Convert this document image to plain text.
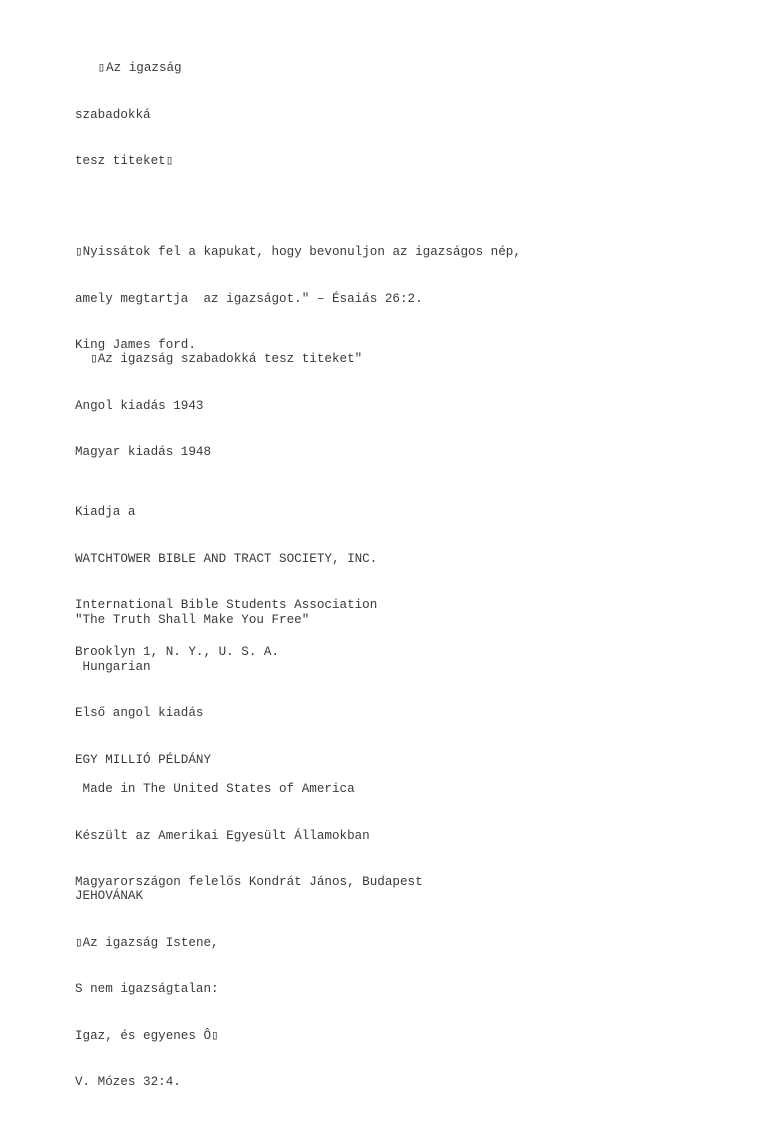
▯ Az igazság

szabadokká

tesz titeket▯

▯Nyissátok fel a kapukat, hogy bevonuljon az igazságos nép,

amely megtartja  az igazságot." – Ésaiás 26:2.

King James ford.

▯Az igazság szabadokká tesz titeket"

Angol kiadás 1943

Magyar kiadás 1948

Kiadja a

WATCHTOWER BIBLE AND TRACT SOCIETY, INC.

International Bible Students Association

Brooklyn 1, N. Y., U. S. A.

"The Truth Shall Make You Free"

Hungarian

Első angol kiadás

EGY MILLIÓ PÉLDÁNY

Made in The United States of America

Készült az Amerikai Egyesült Államokban

Magyarországon felelős Kondrát János, Budapest

JEHOVÁNAK

▯Az igazság Istene,

S nem igazságtalan:

Igaz, és egyenes Ô▯

V. Mózes 32:4.
